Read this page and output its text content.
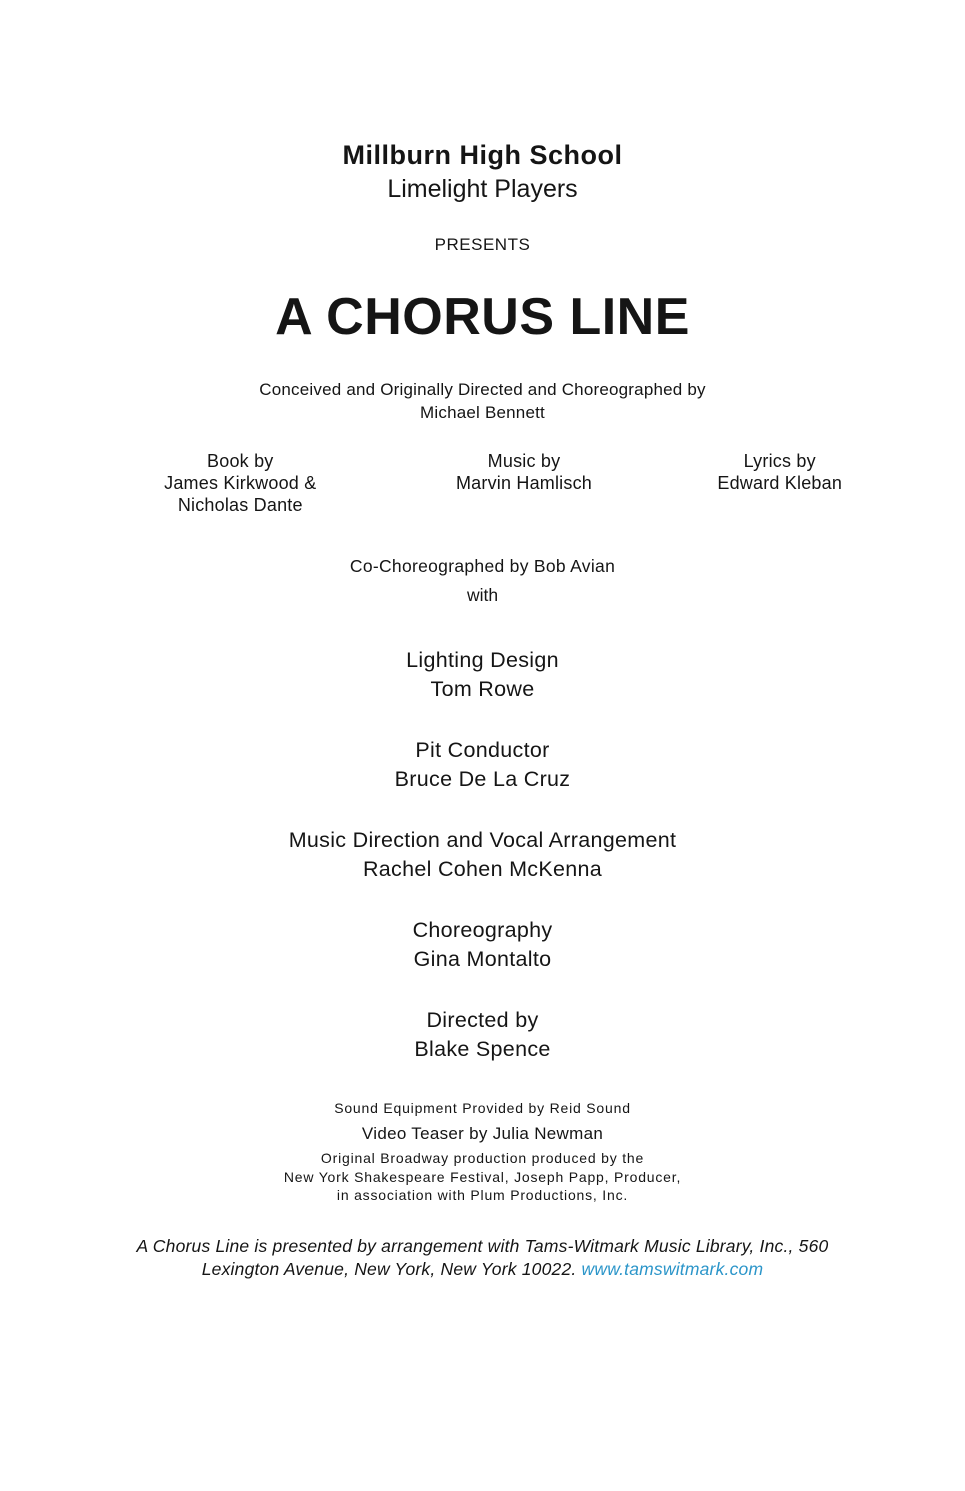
Millburn High School
Limelight Players
PRESENTS
A CHORUS LINE
Conceived and Originally Directed and Choreographed by
Michael Bennett
Book by
James Kirkwood &
Nicholas Dante
Music by
Marvin Hamlisch
Lyrics by
Edward Kleban
Co-Choreographed by Bob Avian
with
Lighting Design
Tom Rowe
Pit Conductor
Bruce De La Cruz
Music Direction and Vocal Arrangement
Rachel Cohen McKenna
Choreography
Gina Montalto
Directed by
Blake Spence
Sound Equipment Provided by Reid Sound
Video Teaser by Julia Newman
Original Broadway production produced by the
New York Shakespeare Festival, Joseph Papp, Producer,
in association with Plum Productions, Inc.
A Chorus Line is presented by arrangement with Tams-Witmark Music Library, Inc., 560
Lexington Avenue, New York, New York 10022. www.tamswitmark.com
